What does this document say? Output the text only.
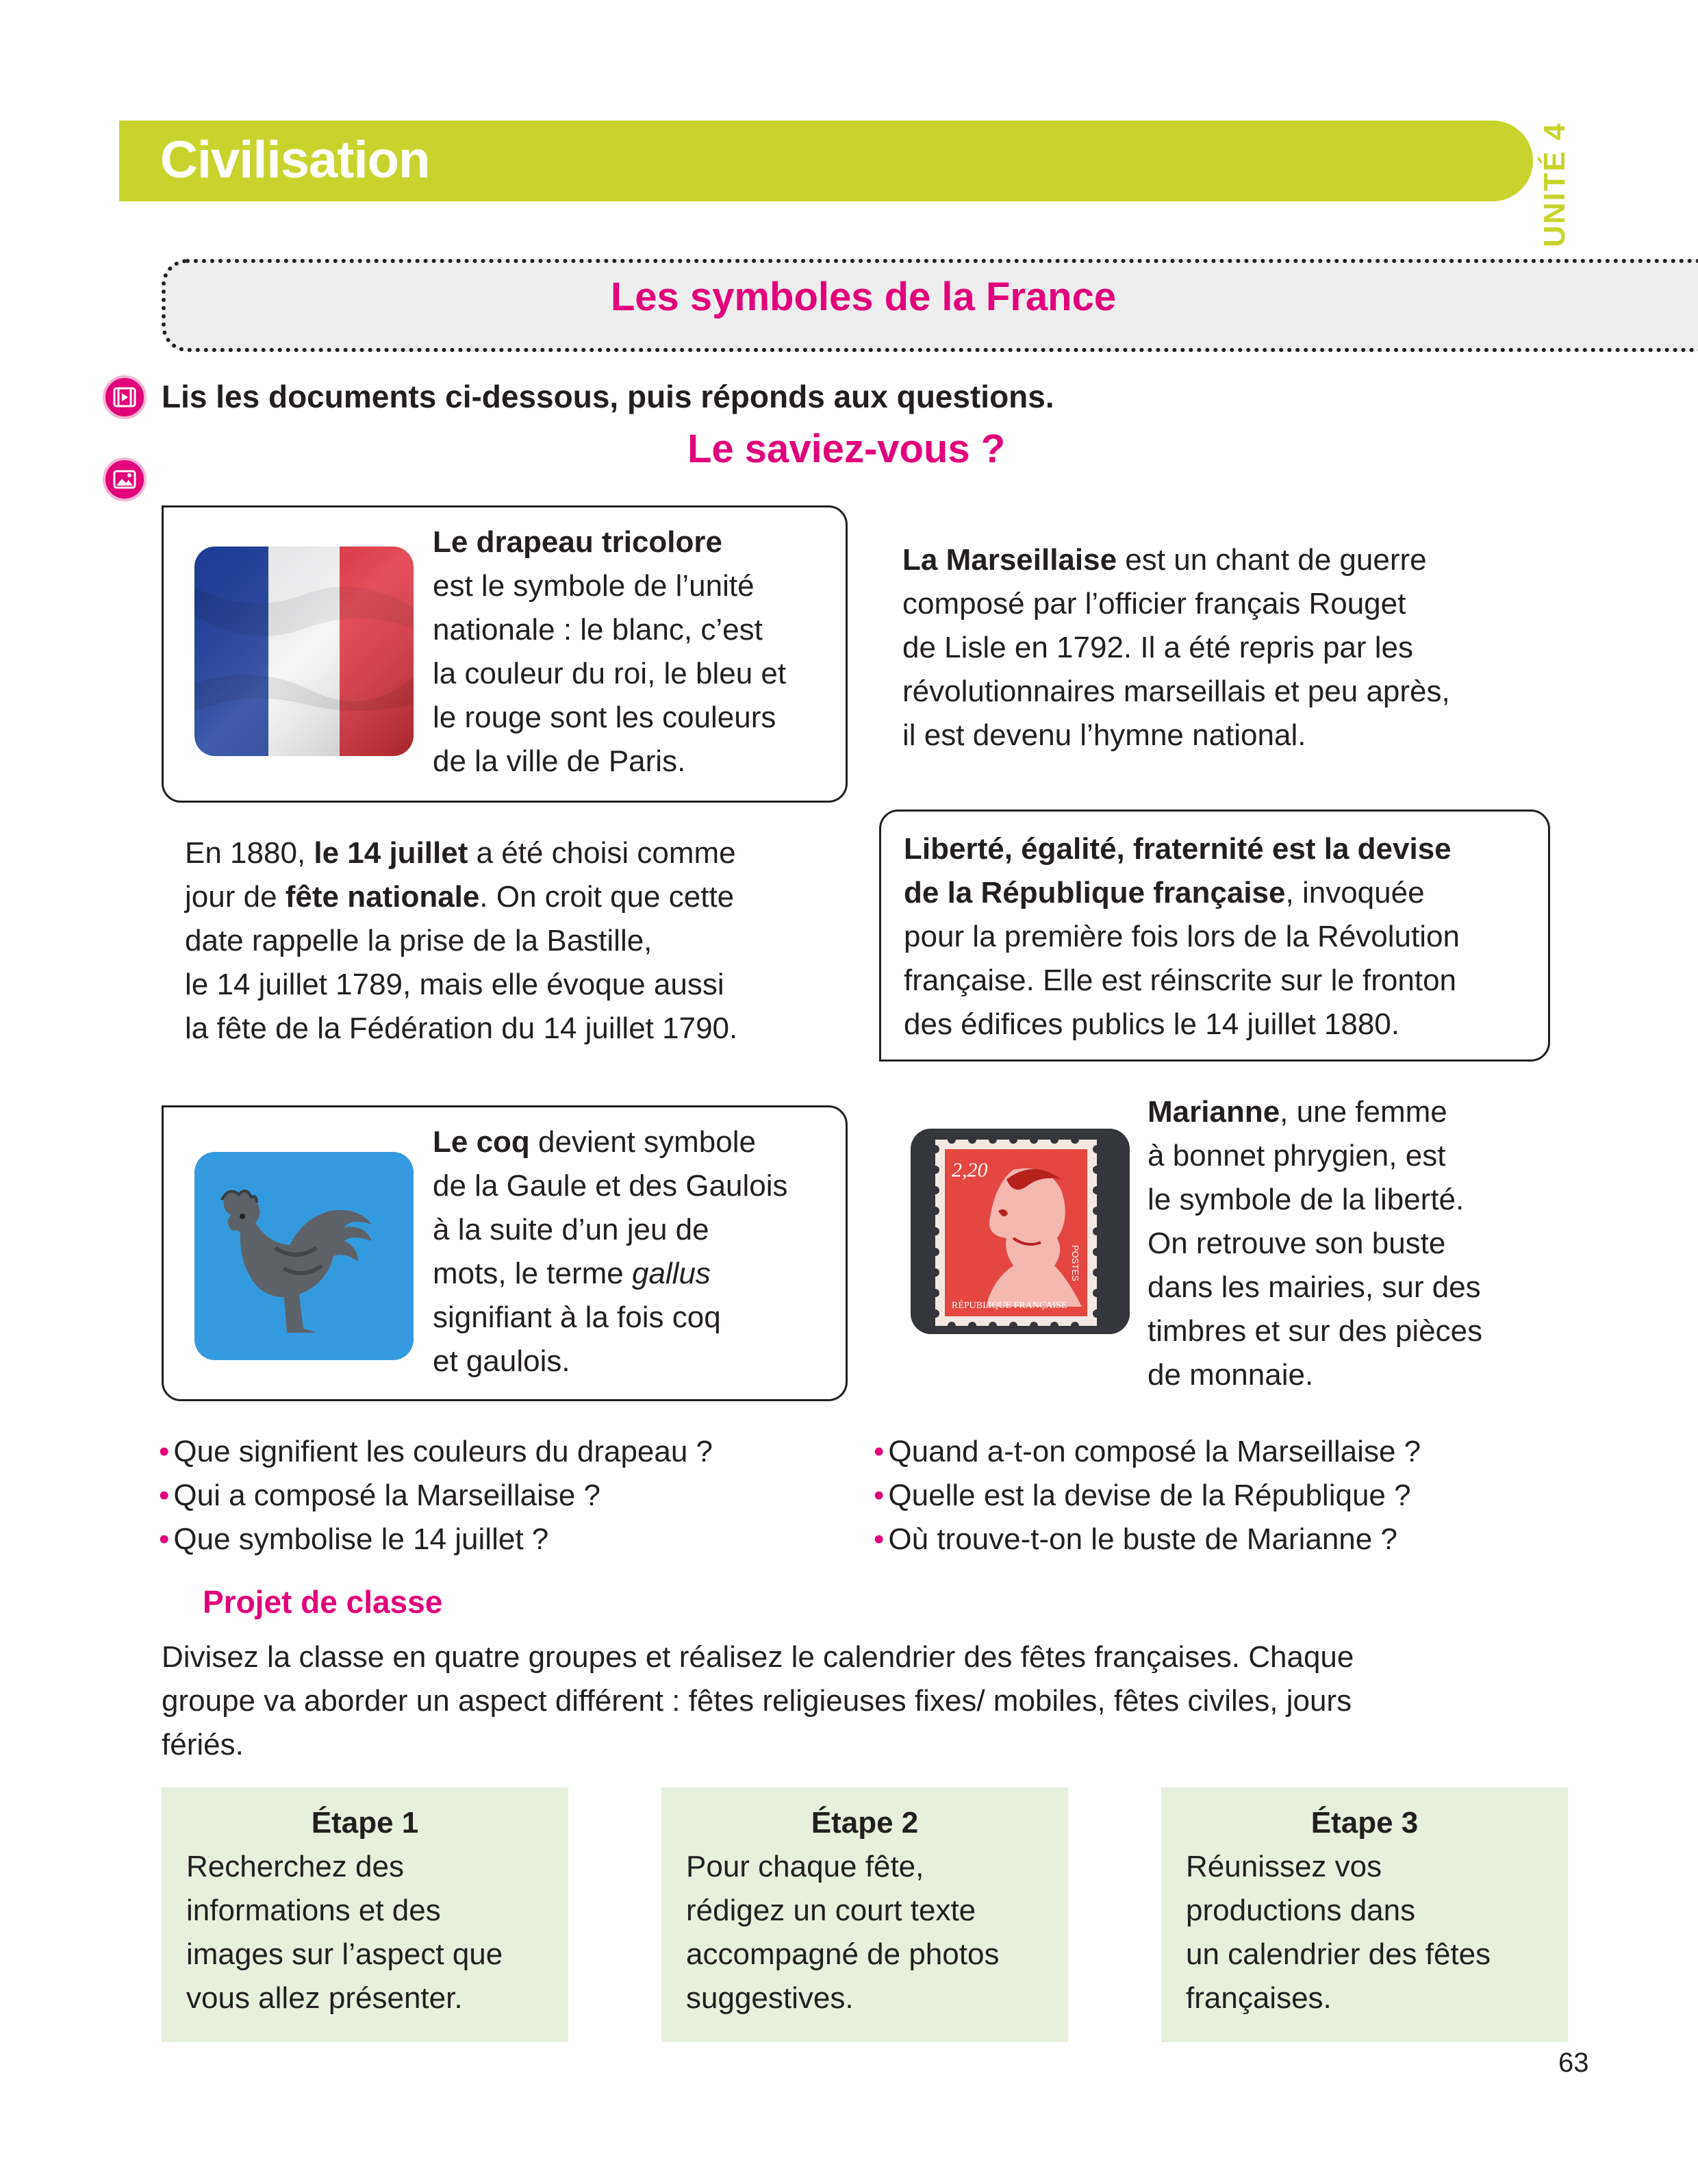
Civilisation	UNITÉ 4
Les symboles de la France
Lis les documents ci-dessous, puis réponds aux questions.
Le saviez-vous ?
Le drapeau tricolore
est le symbole de l’unité
nationale : le blanc, c’est
la couleur du roi, le bleu et
le rouge sont les couleurs
de la ville de Paris.
La Marseillaise est un chant de guerre
composé par l’officier français Rouget
de Lisle en 1792. Il a été repris par les
révolutionnaires marseillais et peu après,
il est devenu l’hymne national.
En 1880, le 14 juillet a été choisi comme
jour de fête nationale. On croit que cette
date rappelle la prise de la Bastille,
le 14 juillet 1789, mais elle évoque aussi
la fête de la Fédération du 14 juillet 1790.
Liberté, égalité, fraternité est la devise
de la République française, invoquée
pour la première fois lors de la Révolution
française. Elle est réinscrite sur le fronton
des édifices publics le 14 juillet 1880.
Le coq devient symbole
de la Gaule et des Gaulois
à la suite d’un jeu de
mots, le terme gallus
signifiant à la fois coq
et gaulois.
2,20
POSTES
RÉPUBLIQUE FRANÇAISE
Marianne, une femme
à bonnet phrygien, est
le symbole de la liberté.
On retrouve son buste
dans les mairies, sur des
timbres et sur des pièces
de monnaie.
• Que signifient les couleurs du drapeau ?
• Qui a composé la Marseillaise ?
• Que symbolise le 14 juillet ?
• Quand a-t-on composé la Marseillaise ?
• Quelle est la devise de la République ?
• Où trouve-t-on le buste de Marianne ?
Projet de classe
Divisez la classe en quatre groupes et réalisez le calendrier des fêtes françaises. Chaque
groupe va aborder un aspect différent : fêtes religieuses fixes/ mobiles, fêtes civiles, jours
fériés.
Étape 1
Recherchez des
informations et des
images sur l’aspect que
vous allez présenter.
Étape 2
Pour chaque fête,
rédigez un court texte
accompagné de photos
suggestives.
Étape 3
Réunissez vos
productions dans
un calendrier des fêtes
françaises.
63
